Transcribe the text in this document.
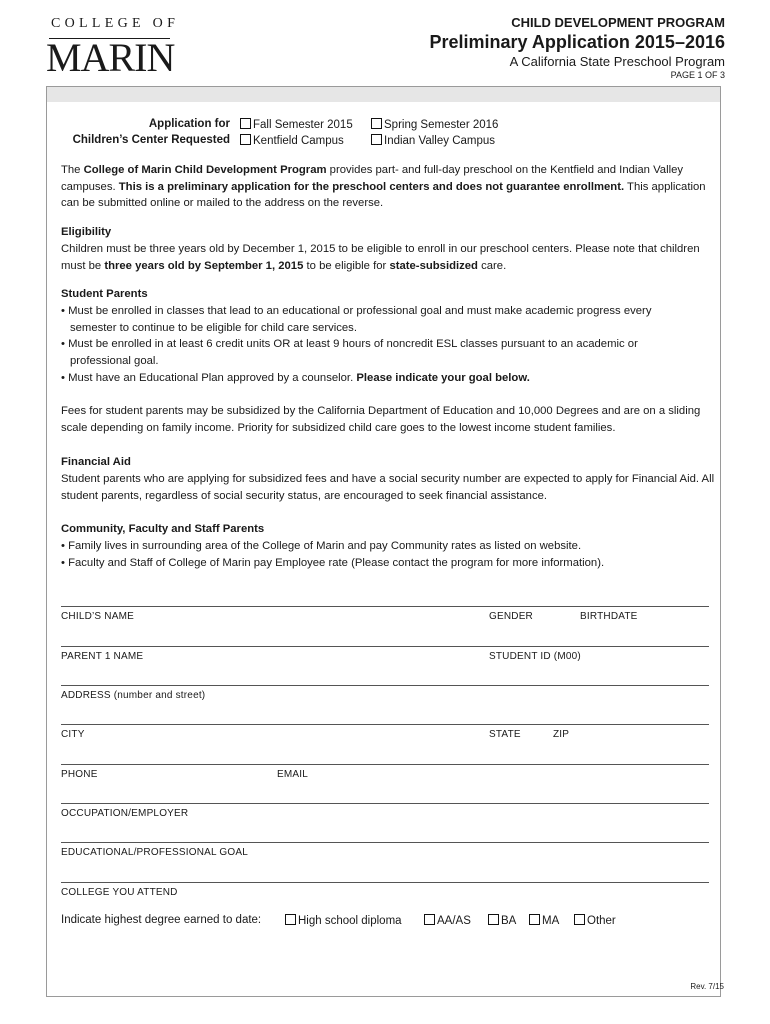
COLLEGE OF
MARIN
CHILD DEVELOPMENT PROGRAM
Preliminary Application 2015–2016
A California State Preschool Program
PAGE 1 OF 3
Application for
Children’s Center Requested
Fall Semester 2015	Spring Semester 2016
Kentfield Campus	Indian Valley Campus

The College of Marin Child Development Program provides part- and full-day preschool on the Kentfield and Indian Valley campuses. This is a preliminary application for the preschool centers and does not guarantee enrollment. This application can be submitted online or mailed to the address on the reverse.

Eligibility

Children must be three years old by December 1, 2015 to be eligible to enroll in our preschool centers. Please note that children must be three years old by September 1, 2015 to be eligible for state-subsidized care.

Student Parents

• Must be enrolled in classes that lead to an educational or professional goal and must make academic progress every

semester to continue to be eligible for child care services.

• Must be enrolled in at least 6 credit units OR at least 9 hours of noncredit ESL classes pursuant to an academic or

professional goal.

• Must have an Educational Plan approved by a counselor. Please indicate your goal below.

Fees for student parents may be subsidized by the California Department of Education and 10,000 Degrees and are on a sliding scale depending on family income. Priority for subsidized child care goes to the lowest income student families.

Financial Aid

Student parents who are applying for subsidized fees and have a social security number are expected to apply for Financial Aid. All student parents, regardless of social security status, are encouraged to seek financial assistance.

Community, Faculty and Staff Parents

• Family lives in surrounding area of the College of Marin and pay Community rates as listed on website.

• Faculty and Staff of College of Marin pay Employee rate (Please contact the program for more information).

CHILD’S NAME	GENDER	BIRTHDATE
PARENT 1 NAME	STUDENT ID (M00)
ADDRESS (number and street)
CITY	STATE	ZIP
PHONE	EMAIL
OCCUPATION/EMPLOYER
EDUCATIONAL/PROFESSIONAL GOAL
COLLEGE YOU ATTEND
Indicate highest degree earned to date:	High school diploma	AA/AS	BA	MA	Other
Rev. 7/15
